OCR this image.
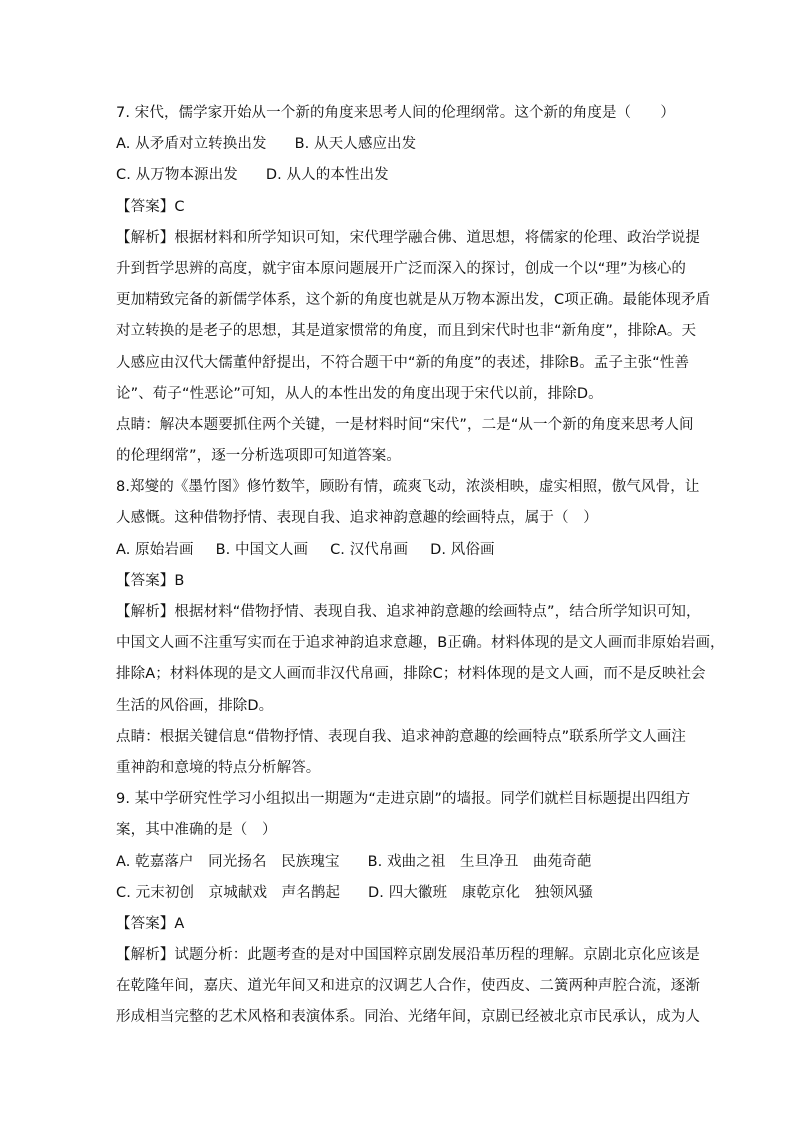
7. 宋代，儒学家开始从一个新的角度来思考人间的伦理纲常。这个新的角度是（　　）
A. 从矛盾对立转换出发 B. 从天人感应出发
C. 从万物本源出发 D. 从人的本性出发
【答案】C
【解析】根据材料和所学知识可知，宋代理学融合佛、道思想，将儒家的伦理、政治学说提
升到哲学思辨的高度，就宇宙本原问题展开广泛而深入的探讨，创成一个以“理”为核心的
更加精致完备的新儒学体系，这个新的角度也就是从万物本源出发，C项正确。最能体现矛盾
对立转换的是老子的思想，其是道家惯常的角度，而且到宋代时也非“新角度”，排除A。天
人感应由汉代大儒董仲舒提出，不符合题干中“新的角度”的表述，排除B。孟子主张“性善
论”、荀子“性恶论”可知，从人的本性出发的角度出现于宋代以前，排除D。
点睛：解决本题要抓住两个关键，一是材料时间“宋代”，二是“从一个新的角度来思考人间
的伦理纲常”，逐一分析选项即可知道答案。
8.郑燮的《墨竹图》修竹数竿，顾盼有情，疏爽飞动，浓淡相映，虚实相照，傲气风骨，让
人感慨。这种借物抒情、表现自我、追求神韵意趣的绘画特点，属于（　）
A. 原始岩画 B. 中国文人画 C. 汉代帛画 D. 风俗画
【答案】B
【解析】根据材料“借物抒情、表现自我、追求神韵意趣的绘画特点”，结合所学知识可知，
中国文人画不注重写实而在于追求神韵追求意趣，B正确。材料体现的是文人画而非原始岩画，
排除A；材料体现的是文人画而非汉代帛画，排除C；材料体现的是文人画，而不是反映社会
生活的风俗画，排除D。
点睛：根据关键信息“借物抒情、表现自我、追求神韵意趣的绘画特点”联系所学文人画注
重神韵和意境的特点分析解答。
9. 某中学研究性学习小组拟出一期题为“走进京剧”的墙报。同学们就栏目标题提出四组方
案，其中准确的是（　）
A. 乾嘉落户　同光扬名　民族瑰宝 B. 戏曲之祖　生旦净丑　曲苑奇葩
C. 元末初创　京城献戏　声名鹊起 D. 四大徽班　康乾京化　独领风骚
【答案】A
【解析】试题分析：此题考查的是对中国国粹京剧发展沿革历程的理解。京剧北京化应该是
在乾隆年间，嘉庆、道光年间又和进京的汉调艺人合作，使西皮、二簧两种声腔合流，逐渐
形成相当完整的艺术风格和表演体系。同治、光绪年间，京剧已经被北京市民承认，成为人
